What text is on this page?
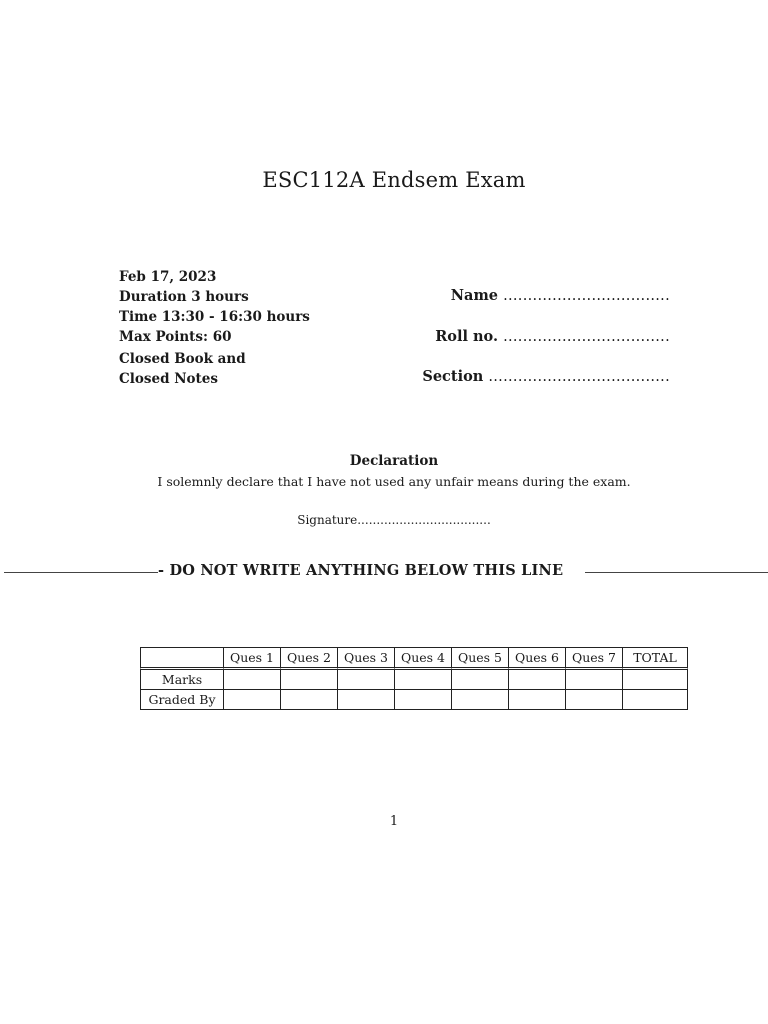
ESC112A Endsem Exam
Feb 17, 2023
Duration 3 hours
Time 13:30 - 16:30 hours
Max Points: 60
Closed Book and
Closed Notes
Name ..................................
Roll no. ..................................
Section .....................................
Declaration
I solemnly declare that I have not used any unfair means during the exam.
Signature...................................
- DO NOT WRITE ANYTHING BELOW THIS LINE
	Ques 1	Ques 2	Ques 3	Ques 4	Ques 5	Ques 6	Ques 7	TOTAL
Marks								
Graded By								
1
